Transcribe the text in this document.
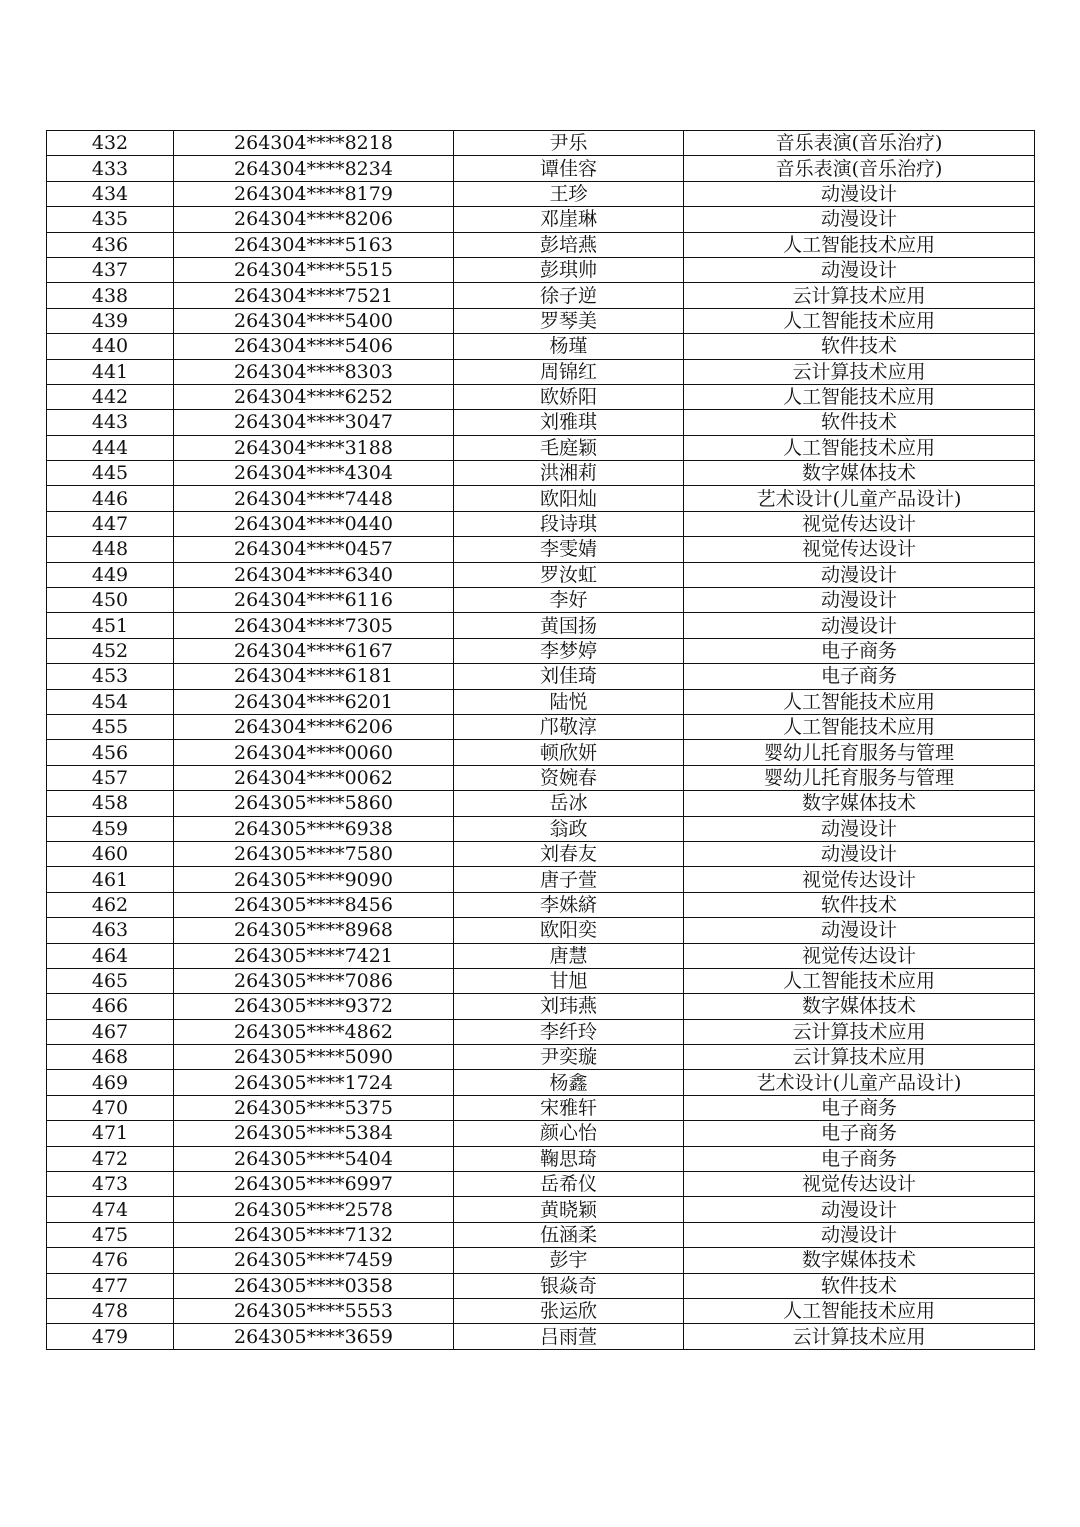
432	264304****8218	尹乐	音乐表演(音乐治疗)
433	264304****8234	谭佳容	音乐表演(音乐治疗)
434	264304****8179	王珍	动漫设计
435	264304****8206	邓崖琳	动漫设计
436	264304****5163	彭培燕	人工智能技术应用
437	264304****5515	彭琪帅	动漫设计
438	264304****7521	徐子逆	云计算技术应用
439	264304****5400	罗琴美	人工智能技术应用
440	264304****5406	杨瑾	软件技术
441	264304****8303	周锦红	云计算技术应用
442	264304****6252	欧娇阳	人工智能技术应用
443	264304****3047	刘雅琪	软件技术
444	264304****3188	毛庭颖	人工智能技术应用
445	264304****4304	洪湘莉	数字媒体技术
446	264304****7448	欧阳灿	艺术设计(儿童产品设计)
447	264304****0440	段诗琪	视觉传达设计
448	264304****0457	李雯婧	视觉传达设计
449	264304****6340	罗汝虹	动漫设计
450	264304****6116	李好	动漫设计
451	264304****7305	黄国扬	动漫设计
452	264304****6167	李梦婷	电子商务
453	264304****6181	刘佳琦	电子商务
454	264304****6201	陆悦	人工智能技术应用
455	264304****6206	邝敬淳	人工智能技术应用
456	264304****0060	顿欣妍	婴幼儿托育服务与管理
457	264304****0062	资婉春	婴幼儿托育服务与管理
458	264305****5860	岳冰	数字媒体技术
459	264305****6938	翁政	动漫设计
460	264305****7580	刘春友	动漫设计
461	264305****9090	唐子萱	视觉传达设计
462	264305****8456	李姝緕	软件技术
463	264305****8968	欧阳奕	动漫设计
464	264305****7421	唐慧	视觉传达设计
465	264305****7086	甘旭	人工智能技术应用
466	264305****9372	刘玮燕	数字媒体技术
467	264305****4862	李纤玲	云计算技术应用
468	264305****5090	尹奕璇	云计算技术应用
469	264305****1724	杨鑫	艺术设计(儿童产品设计)
470	264305****5375	宋雅轩	电子商务
471	264305****5384	颜心怡	电子商务
472	264305****5404	鞠思琦	电子商务
473	264305****6997	岳希仪	视觉传达设计
474	264305****2578	黄晓颖	动漫设计
475	264305****7132	伍涵柔	动漫设计
476	264305****7459	彭宇	数字媒体技术
477	264305****0358	银焱奇	软件技术
478	264305****5553	张运欣	人工智能技术应用
479	264305****3659	吕雨萱	云计算技术应用
